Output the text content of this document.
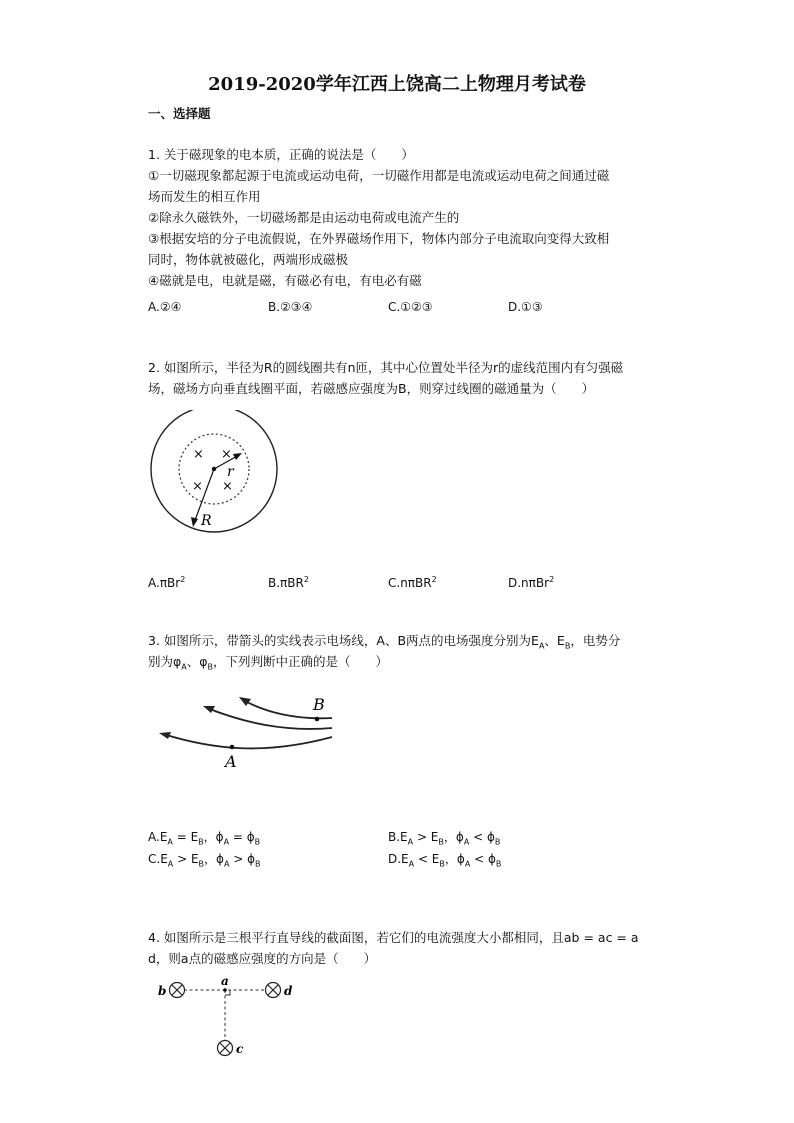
2019-2020学年江西上饶高二上物理月考试卷
一、选择题
1. 关于磁现象的电本质，正确的说法是（　　）
①一切磁现象都起源于电流或运动电荷，一切磁作用都是电流或运动电荷之间通过磁
场而发生的相互作用
②除永久磁铁外，一切磁场都是由运动电荷或电流产生的
③根据安培的分子电流假说，在外界磁场作用下，物体内部分子电流取向变得大致相
同时，物体就被磁化，两端形成磁极
④磁就是电，电就是磁，有磁必有电，有电必有磁
A.②④	B.②③④	C.①②③	D.①③
2. 如图所示，半径为R的圆线圈共有n匝，其中心位置处半径为r的虚线范围内有匀强磁
场，磁场方向垂直线圈平面，若磁感应强度为B，则穿过线圈的磁通量为（　　）
× ×
× ×
r
R
A.πBr$^2$	B.πBR$^2$	C.nπBR$^2$	D.nπBr$^2$
3. 如图所示，带箭头的实线表示电场线，A、B两点的电场强度分别为$E_A$、$E_B$，电势分
别为$\varphi_A$、$\varphi_B$，下列判断中正确的是（　　）
B
A
$A.E_A = E_B$，$\phi_A = \phi_B$	$B.E_A > E_B$，$\phi_A < \phi_B$
$C.E_A > E_B$，$\phi_A > \phi_B$	$D.E_A < E_B$，$\phi_A < \phi_B$
4. 如图所示是三根平行直导线的截面图，若它们的电流强度大小都相同，且ab = ac = a
d，则a点的磁感应强度的方向是（　　）
a
b	d
c
